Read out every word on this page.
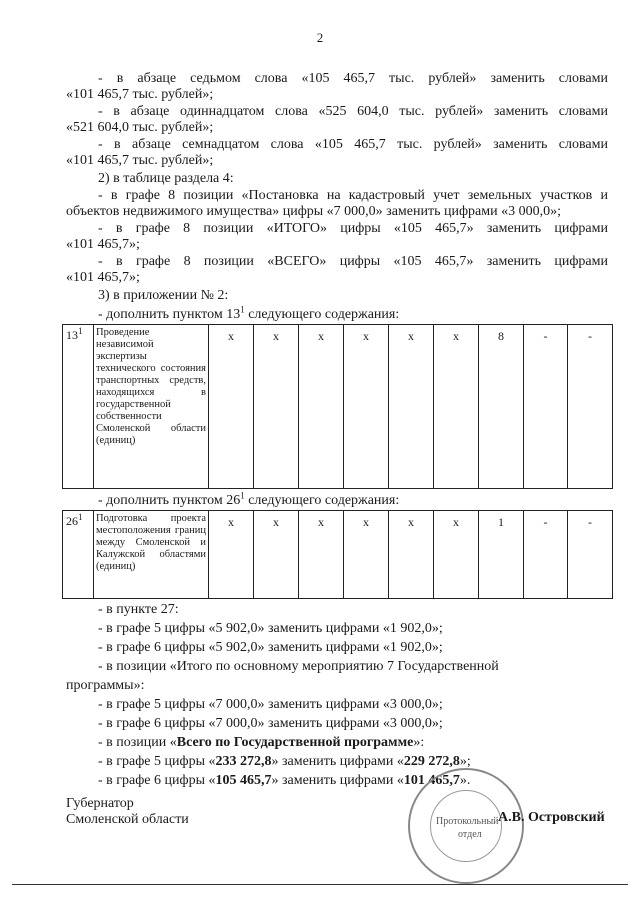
2
- в абзаце седьмом слова «105 465,7 тыс. рублей» заменить словами
«101 465,7 тыс. рублей»;
- в абзаце одиннадцатом слова «525 604,0 тыс. рублей» заменить словами
«521 604,0 тыс. рублей»;
- в абзаце семнадцатом слова «105 465,7 тыс. рублей» заменить словами
«101 465,7 тыс. рублей»;
2) в таблице раздела 4:
- в графе 8 позиции «Постановка на кадастровый учет земельных участков и
объектов недвижимого имущества» цифры «7 000,0» заменить цифрами «3 000,0»;
- в графе 8 позиции «ИТОГО» цифры «105 465,7» заменить цифрами
«101 465,7»;
- в графе 8 позиции «ВСЕГО» цифры «105 465,7» заменить цифрами
«101 465,7»;
3) в приложении № 2:
- дополнить пунктом $13^1$ следующего содержания:
$13^1$	Проведение независимой экспертизы технического состояния транспортных средств, находящихся в государственной собственности Смоленской области (единиц)	х	х	х	х	х	х	8	-	-
- дополнить пунктом $26^1$ следующего содержания:
$26^1$	Подготовка проекта местоположения границ между Смоленской и Калужской областями (единиц)	х	х	х	х	х	х	1	-	-
- в пункте 27:
- в графе 5 цифры «5 902,0» заменить цифрами «1 902,0»;
- в графе 6 цифры «5 902,0» заменить цифрами «1 902,0»;
- в позиции «Итого по основному мероприятию 7 Государственной
программы»:
- в графе 5 цифры «7 000,0» заменить цифрами «3 000,0»;
- в графе 6 цифры «7 000,0» заменить цифрами «3 000,0»;
- в позиции «Всего по Государственной программе»:
- в графе 5 цифры «233 272,8» заменить цифрами «229 272,8»;
- в графе 6 цифры «105 465,7» заменить цифрами «101 465,7».
Протокольный
отдел
Губернатор
Смоленской области	А.В. Островский
